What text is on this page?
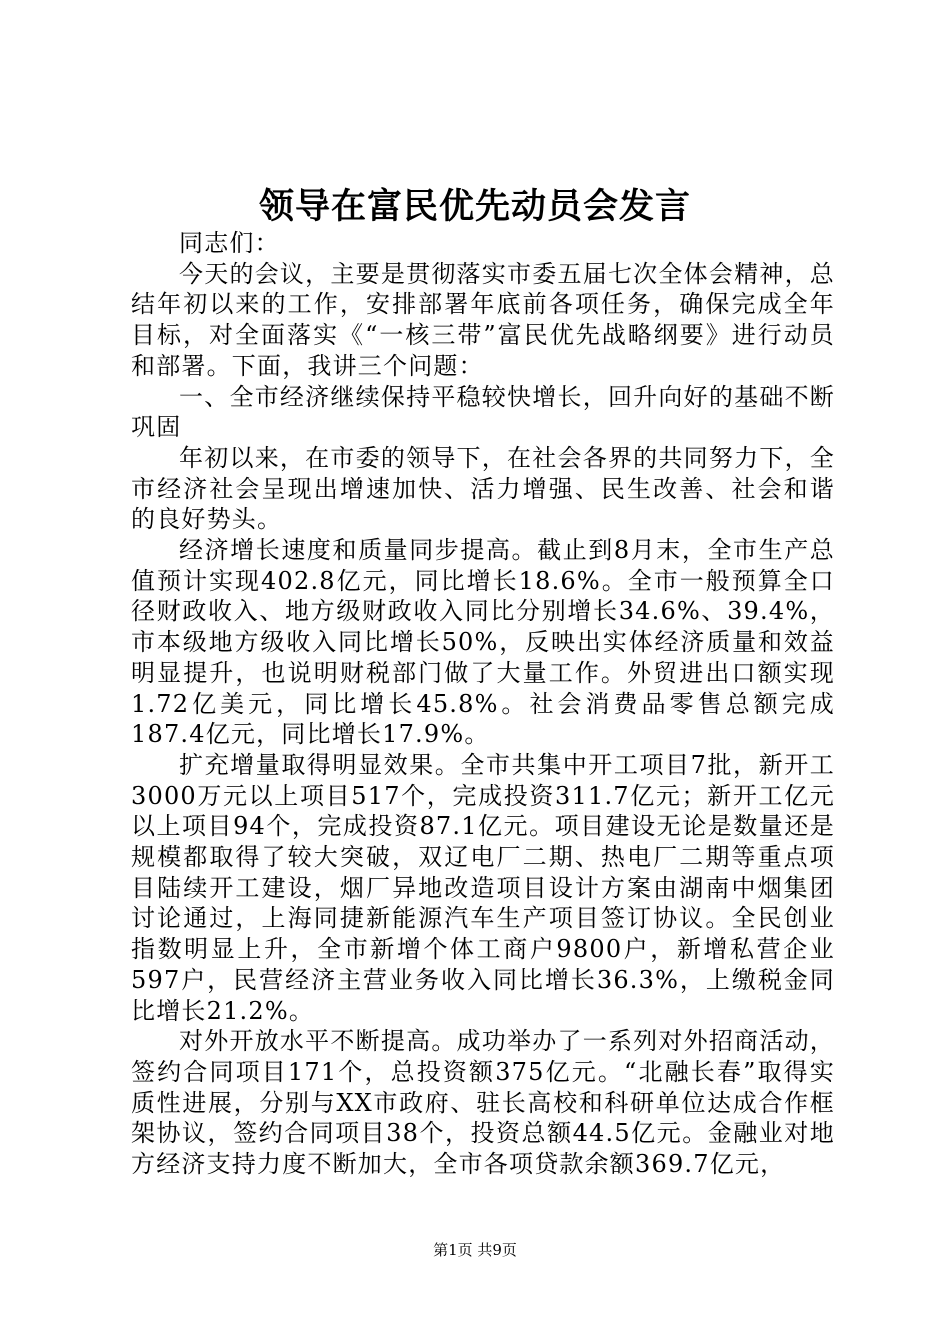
领导在富民优先动员会发言

同志们：

今天的会议，主要是贯彻落实市委五届七次全体会精神，总结年初以来的工作，安排部署年底前各项任务，确保完成全年目标，对全面落实《“一核三带”富民优先战略纲要》进行动员和部署。下面，我讲三个问题：

一、全市经济继续保持平稳较快增长，回升向好的基础不断巩固

年初以来，在市委的领导下，在社会各界的共同努力下，全市经济社会呈现出增速加快、活力增强、民生改善、社会和谐的良好势头。

经济增长速度和质量同步提高。截止到8月末，全市生产总值预计实现402.8亿元，同比增长18.6%。全市一般预算全口径财政收入、地方级财政收入同比分别增长34.6%、39.4%，市本级地方级收入同比增长50%，反映出实体经济质量和效益明显提升，也说明财税部门做了大量工作。外贸进出口额实现1.72亿美元，同比增长45.8%。社会消费品零售总额完成187.4亿元，同比增长17.9%。

扩充增量取得明显效果。全市共集中开工项目7批，新开工3000万元以上项目517个，完成投资311.7亿元；新开工亿元以上项目94个，完成投资87.1亿元。项目建设无论是数量还是规模都取得了较大突破，双辽电厂二期、热电厂二期等重点项目陆续开工建设，烟厂异地改造项目设计方案由湖南中烟集团讨论通过，上海同捷新能源汽车生产项目签订协议。全民创业指数明显上升，全市新增个体工商户9800户，新增私营企业597户，民营经济主营业务收入同比增长36.3%，上缴税金同比增长21.2%。

对外开放水平不断提高。成功举办了一系列对外招商活动，签约合同项目171个，总投资额375亿元。“北融长春”取得实质性进展，分别与XX市政府、驻长高校和科研单位达成合作框架协议，签约合同项目38个，投资总额44.5亿元。金融业对地方经济支持力度不断加大，全市各项贷款余额369.7亿元，

第1页 共9页
